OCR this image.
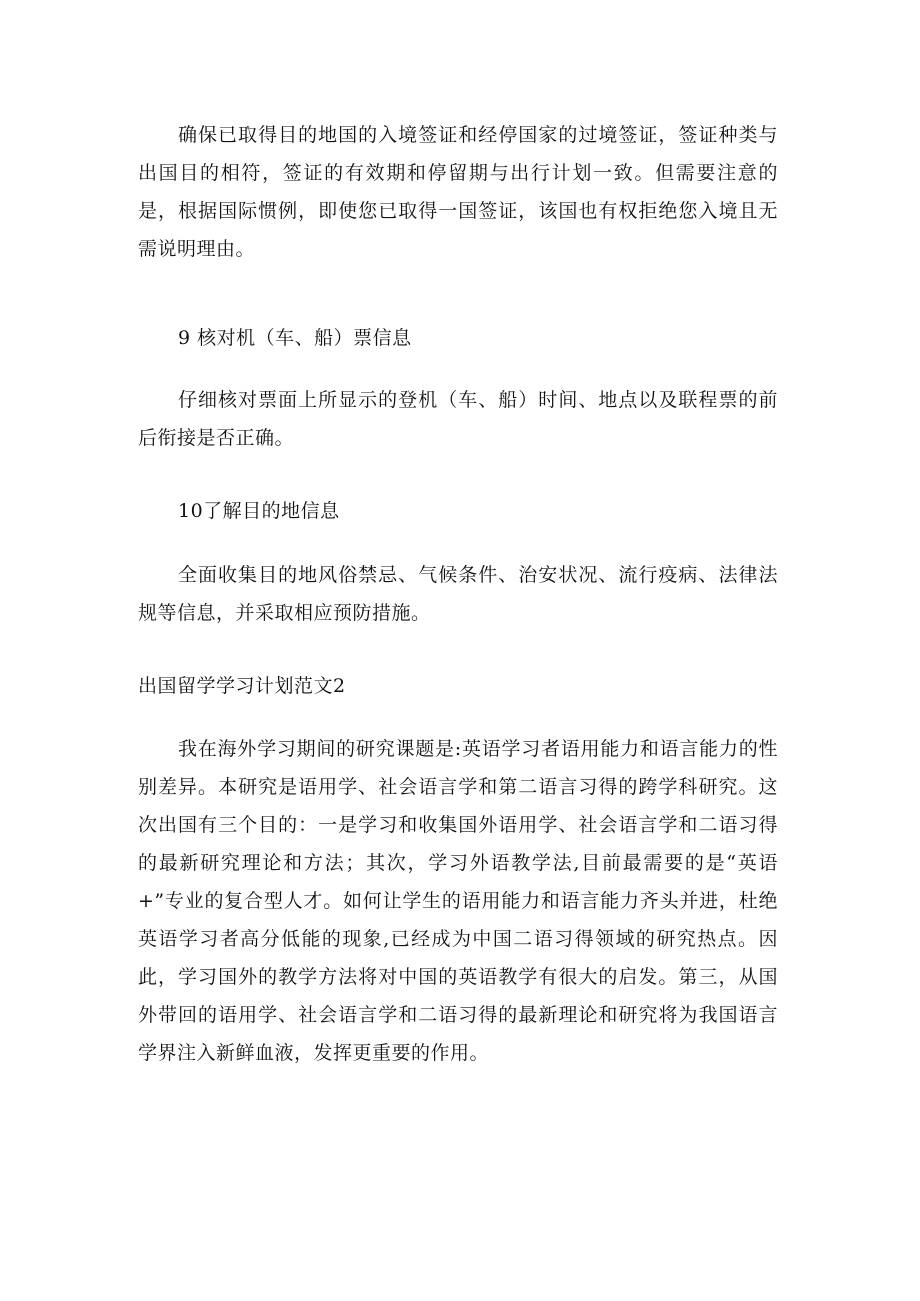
确保已取得目的地国的入境签证和经停国家的过境签证，签证种类与出国目的相符，签证的有效期和停留期与出行计划一致。但需要注意的是，根据国际惯例，即使您已取得一国签证，该国也有权拒绝您入境且无需说明理由。

9 核对机（车、船）票信息

仔细核对票面上所显示的登机（车、船）时间、地点以及联程票的前后衔接是否正确。

10了解目的地信息

全面收集目的地风俗禁忌、气候条件、治安状况、流行疫病、法律法规等信息，并采取相应预防措施。

出国留学学习计划范文2

我在海外学习期间的研究课题是:英语学习者语用能力和语言能力的性别差异。本研究是语用学、社会语言学和第二语言习得的跨学科研究。这次出国有三个目的：一是学习和收集国外语用学、社会语言学和二语习得的最新研究理论和方法；其次，学习外语教学法,目前最需要的是“英语+”专业的复合型人才。如何让学生的语用能力和语言能力齐头并进，杜绝英语学习者高分低能的现象,已经成为中国二语习得领域的研究热点。因此，学习国外的教学方法将对中国的英语教学有很大的启发。第三，从国外带回的语用学、社会语言学和二语习得的最新理论和研究将为我国语言学界注入新鲜血液，发挥更重要的作用。
